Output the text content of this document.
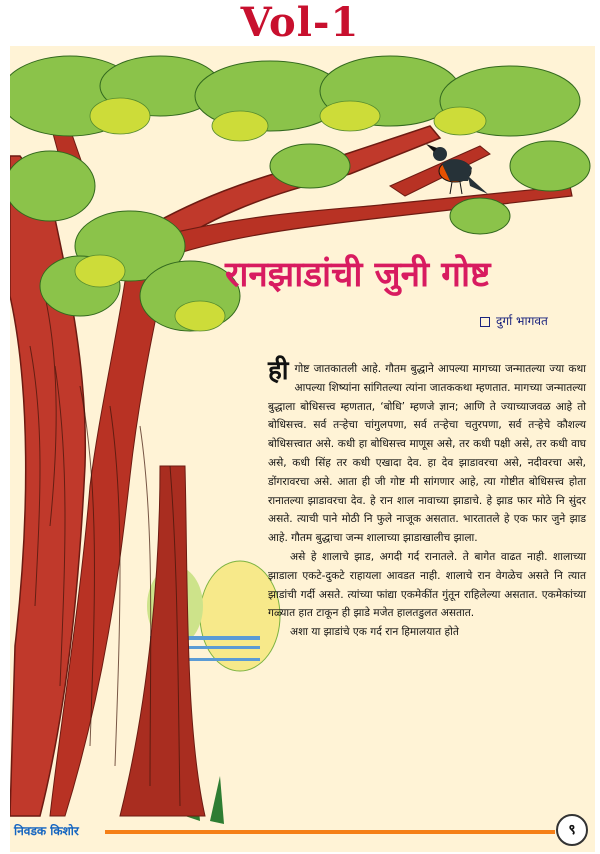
Vol-1
रानझाडांची जुनी गोष्ट
दुर्गा भागवत

हीगोष्ट जातकातली आहे. गौतम बुद्धाने आपल्या मागच्या जन्मातल्या ज्या कथा आपल्या शिष्यांना सांगितल्या त्यांना जातककथा म्हणतात. मागच्या जन्मातल्या बुद्धाला बोधिसत्त्व म्हणतात, ‘बोधि’ म्हणजे ज्ञान; आणि ते ज्याच्याजवळ आहे तो बोधिसत्त्व. सर्व तऱ्हेचा चांगुलपणा, सर्व तऱ्हेचा चतुरपणा, सर्व तऱ्हेचे कौशल्य बोधिसत्त्वात असे. कधी हा बोधिसत्त्व माणूस असे, तर कधी पक्षी असे, तर कधी वाघ असे, कधी सिंह तर कधी एखादा देव. हा देव झाडावरचा असे, नदीवरचा असे, डोंगरावरचा असे. आता ही जी गोष्ट मी सांगणार आहे, त्या गोष्टीत बोधिसत्त्व होता रानातल्या झाडावरचा देव. हे रान शाल नावाच्या झाडाचे. हे झाड फार मोठे नि सुंदर असते. त्याची पाने मोठी नि फुले नाजूक असतात. भारतातले हे एक फार जुने झाड आहे. गौतम बुद्धाचा जन्म शालाच्या झाडाखालीच झाला.

असे हे शालाचे झाड, अगदी गर्द रानातले. ते बागेत वाढत नाही. शालाच्या झाडाला एकटे-दुकटे राहायला आवडत नाही. शालाचे रान वेगळेच असते नि त्यात झाडांची गर्दी असते. त्यांच्या फांद्या एकमेकींत गुंतून राहिलेल्या असतात. एकमेकांच्या गळ्यात हात टाकून ही झाडे मजेत हालतडुलत असतात.

अशा या झाडांचे एक गर्द रान हिमालयात होते

निवडक किशोर	९
